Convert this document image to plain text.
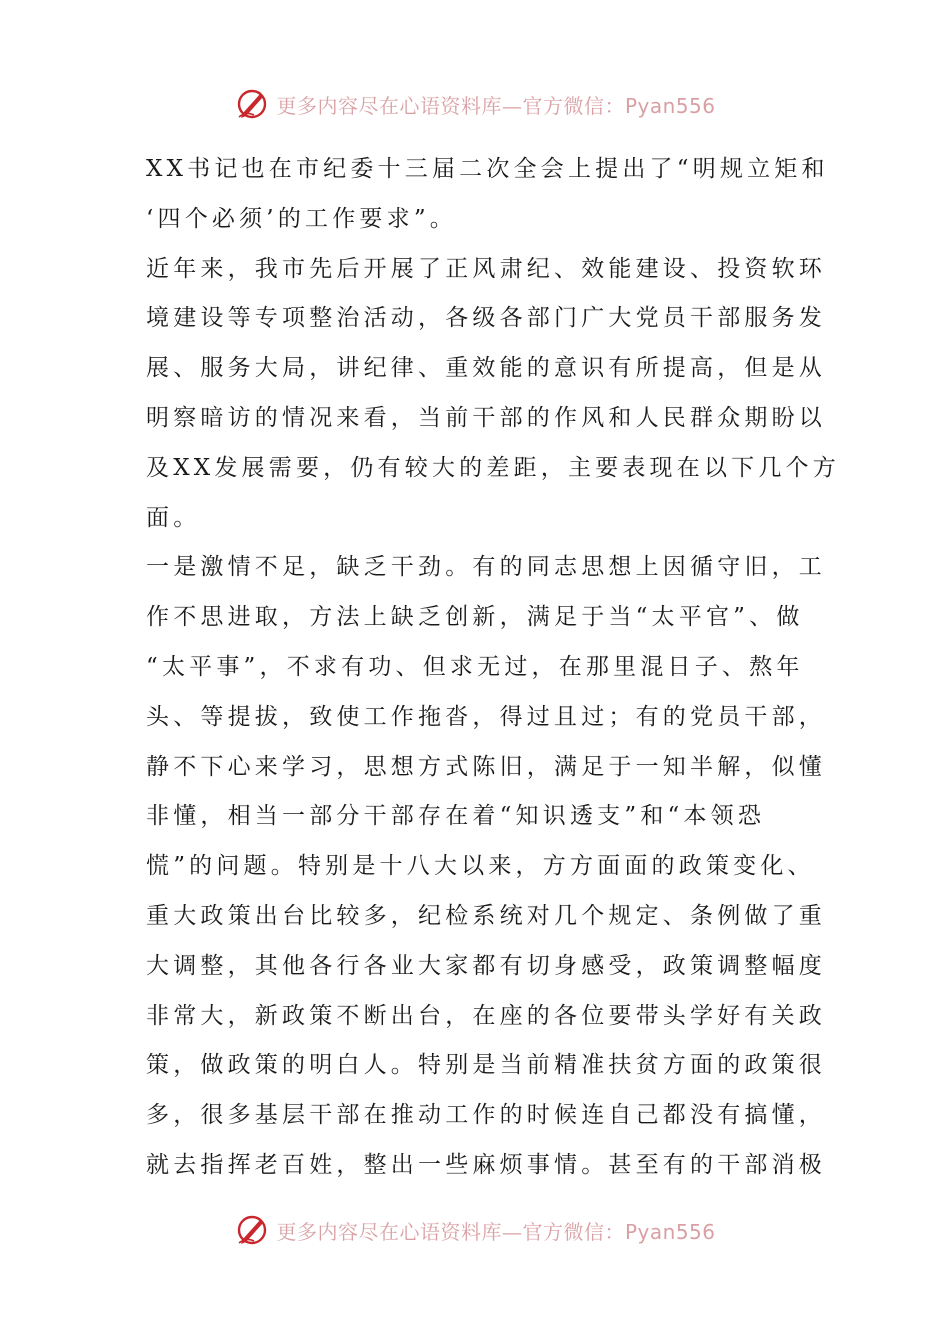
更多内容尽在心语资料库—官方微信：Pyan556
XX书记也在市纪委十三届二次全会上提出了“明规立矩和
‘四个必须’的工作要求”。
近年来，我市先后开展了正风肃纪、效能建设、投资软环
境建设等专项整治活动，各级各部门广大党员干部服务发
展、服务大局，讲纪律、重效能的意识有所提高，但是从
明察暗访的情况来看，当前干部的作风和人民群众期盼以
及XX发展需要，仍有较大的差距，主要表现在以下几个方
面。
一是激情不足，缺乏干劲。有的同志思想上因循守旧，工
作不思进取，方法上缺乏创新，满足于当“太平官”、做
“太平事”，不求有功、但求无过，在那里混日子、熬年
头、等提拔，致使工作拖沓，得过且过；有的党员干部，
静不下心来学习，思想方式陈旧，满足于一知半解，似懂
非懂，相当一部分干部存在着“知识透支”和“本领恐
慌”的问题。特别是十八大以来，方方面面的政策变化、
重大政策出台比较多，纪检系统对几个规定、条例做了重
大调整，其他各行各业大家都有切身感受，政策调整幅度
非常大，新政策不断出台，在座的各位要带头学好有关政
策，做政策的明白人。特别是当前精准扶贫方面的政策很
多，很多基层干部在推动工作的时候连自己都没有搞懂，
就去指挥老百姓，整出一些麻烦事情。甚至有的干部消极
更多内容尽在心语资料库—官方微信：Pyan556
